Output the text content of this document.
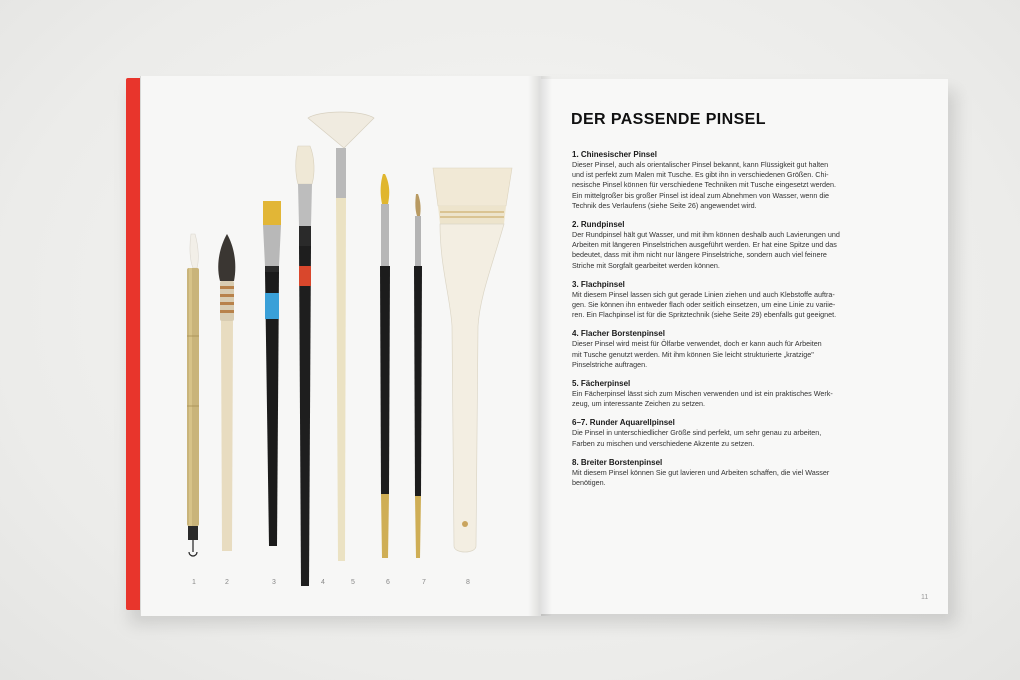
1	2	3	4	5	6	7	8
DER PASSENDE PINSEL

1. Chinesischer Pinsel

Dieser Pinsel, auch als orientalischer Pinsel bekannt, kann Flüssigkeit gut halten
und ist perfekt zum Malen mit Tusche. Es gibt ihn in verschiedenen Größen. Chi-
nesische Pinsel können für verschiedene Techniken mit Tusche eingesetzt werden.
Ein mittelgroßer bis großer Pinsel ist ideal zum Abnehmen von Wasser, wenn die
Technik des Verlaufens (siehe Seite 26) angewendet wird.

2. Rundpinsel

Der Rundpinsel hält gut Wasser, und mit ihm können deshalb auch Lavierungen und
Arbeiten mit längeren Pinselstrichen ausgeführt werden. Er hat eine Spitze und das
bedeutet, dass mit ihm nicht nur längere Pinselstriche, sondern auch viel feinere
Striche mit Sorgfalt gearbeitet werden können.

3. Flachpinsel

Mit diesem Pinsel lassen sich gut gerade Linien ziehen und auch Klebstoffe auftra-
gen. Sie können ihn entweder flach oder seitlich einsetzen, um eine Linie zu variie-
ren. Ein Flachpinsel ist für die Spritztechnik (siehe Seite 29) ebenfalls gut geeignet.

4. Flacher Borstenpinsel

Dieser Pinsel wird meist für Ölfarbe verwendet, doch er kann auch für Arbeiten
mit Tusche genutzt werden. Mit ihm können Sie leicht strukturierte „kratzige"
Pinselstriche auftragen.

5. Fächerpinsel

Ein Fächerpinsel lässt sich zum Mischen verwenden und ist ein praktisches Werk-
zeug, um interessante Zeichen zu setzen.

6–7. Runder Aquarellpinsel

Die Pinsel in unterschiedlicher Größe sind perfekt, um sehr genau zu arbeiten,
Farben zu mischen und verschiedene Akzente zu setzen.

8. Breiter Borstenpinsel

Mit diesem Pinsel können Sie gut lavieren und Arbeiten schaffen, die viel Wasser
benötigen.

11
